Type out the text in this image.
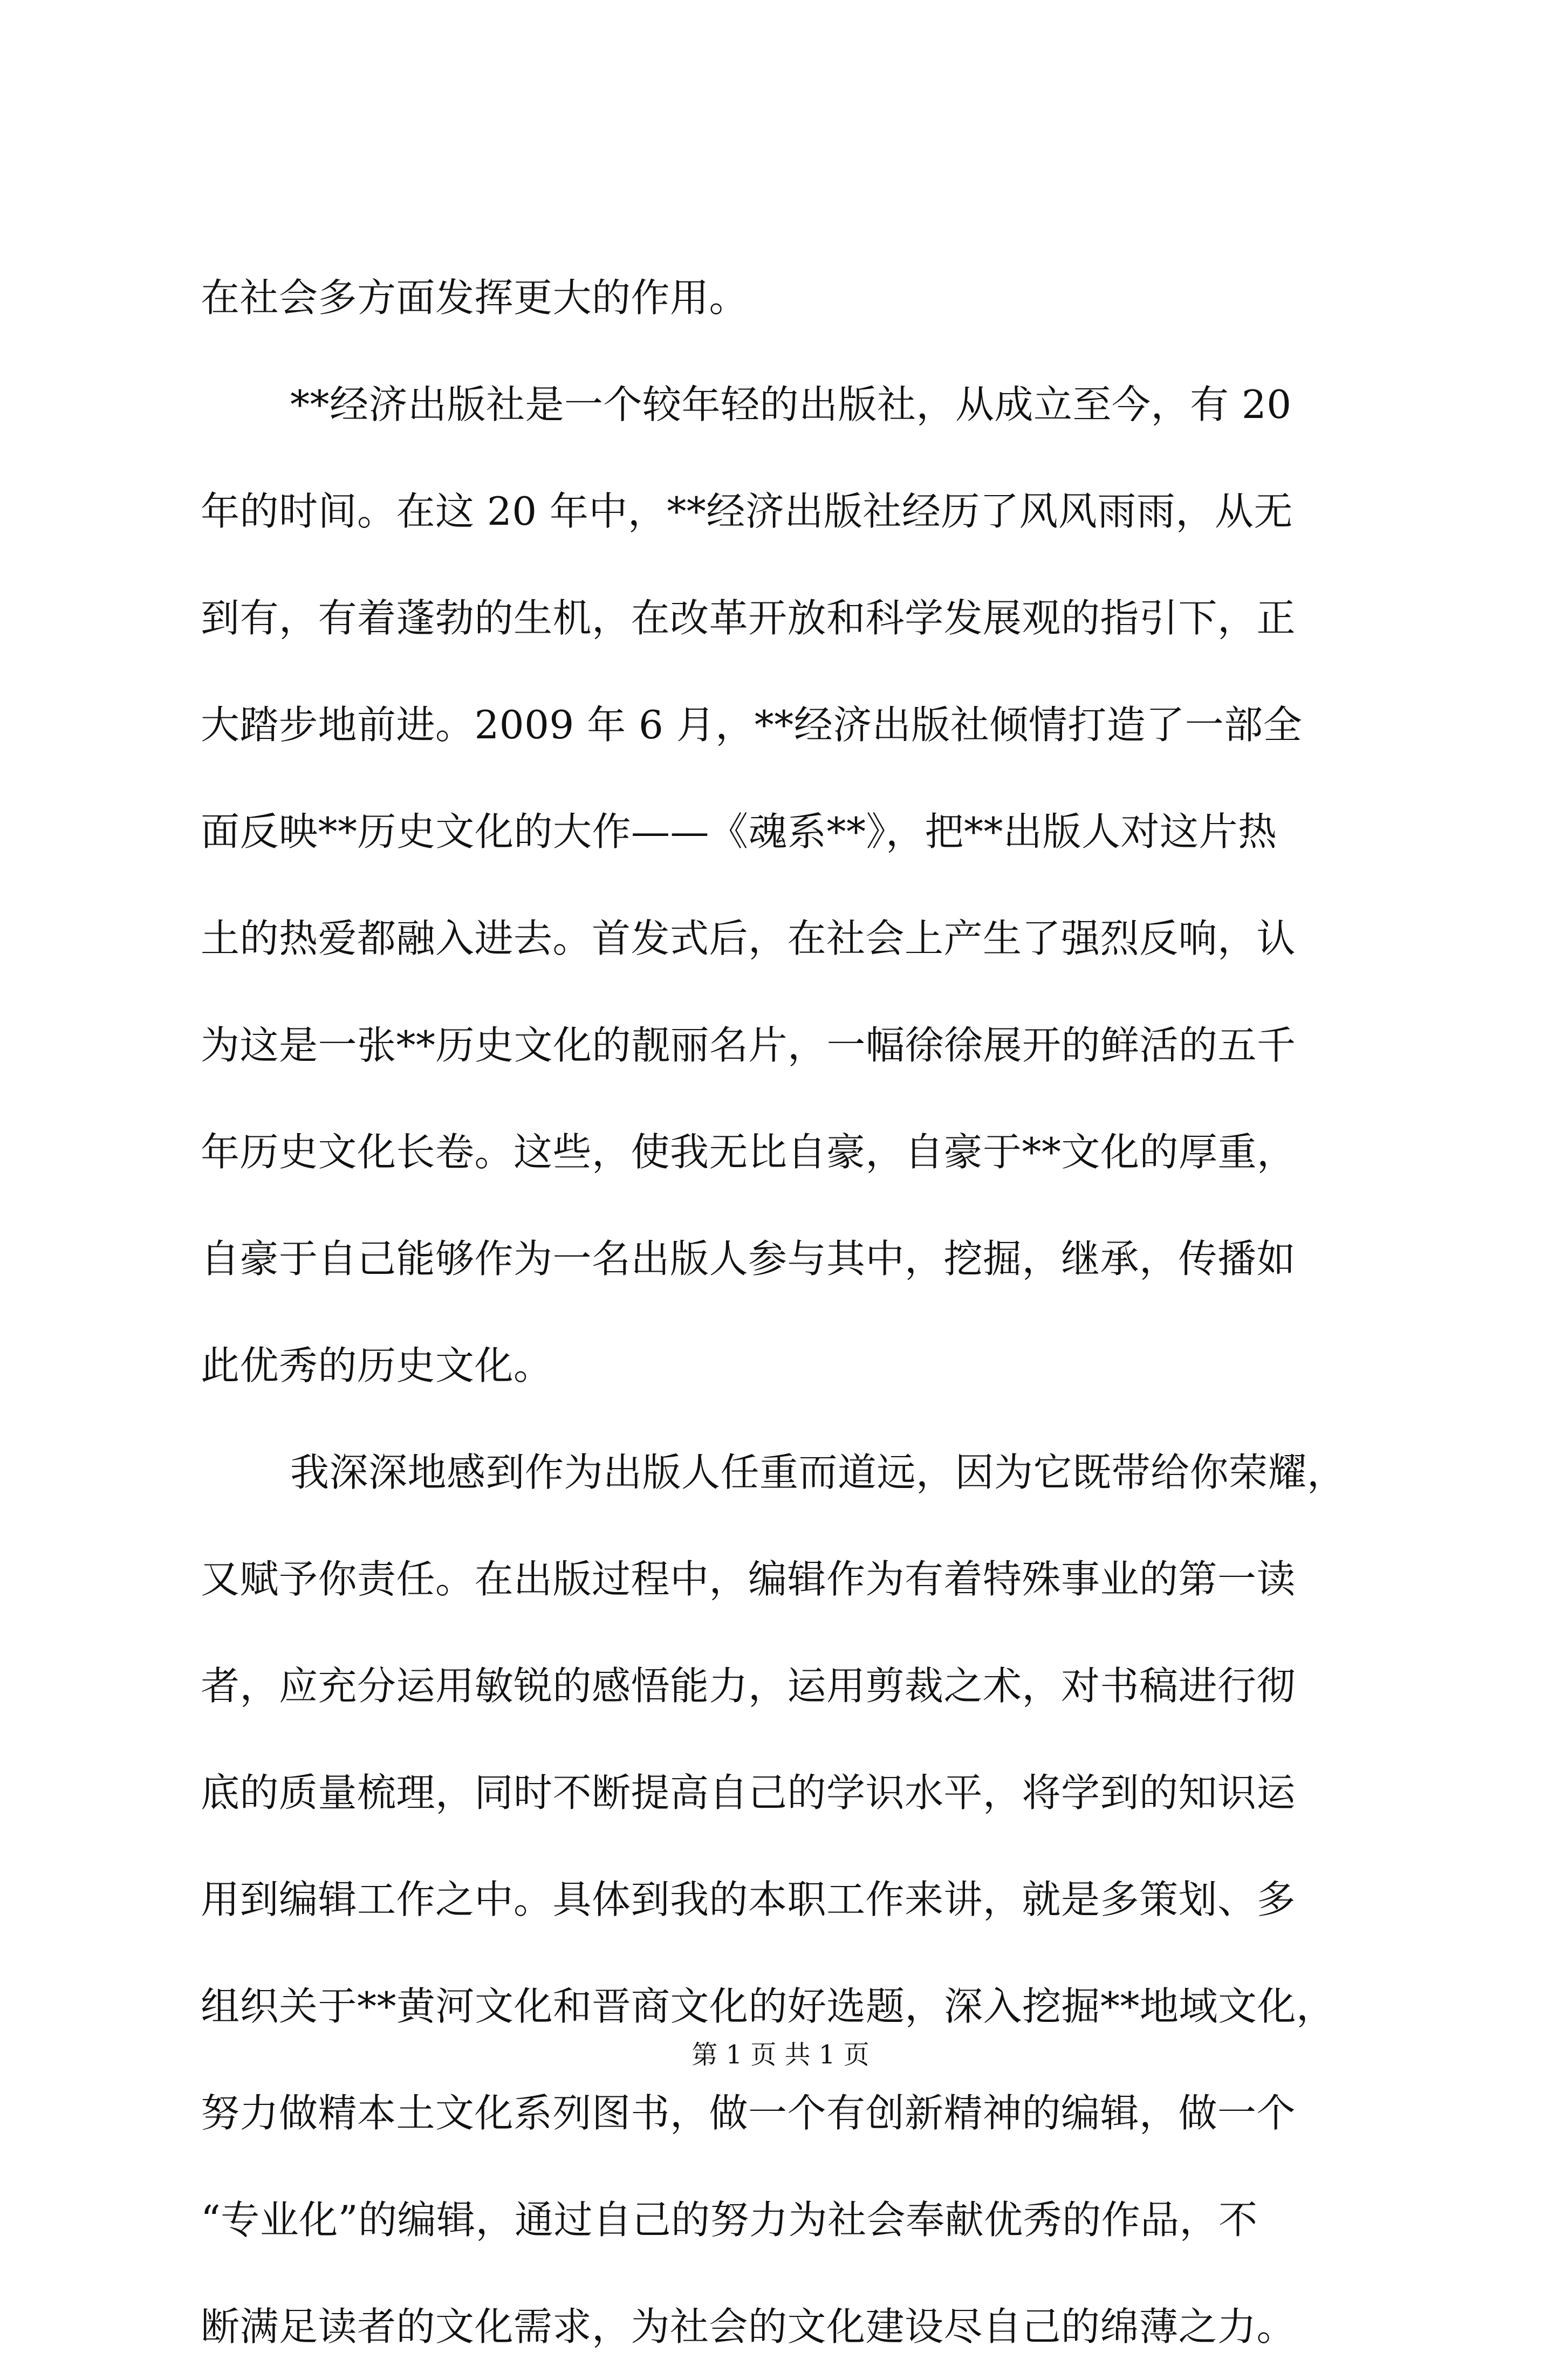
在社会多方面发挥更大的作用。
**经济出版社是一个较年轻的出版社，从成立至今，有 20
年的时间。在这 20 年中，**经济出版社经历了风风雨雨，从无
到有，有着蓬勃的生机，在改革开放和科学发展观的指引下，正
大踏步地前进。2009 年 6 月，**经济出版社倾情打造了一部全
面反映**历史文化的大作——《魂系**》，把**出版人对这片热
土的热爱都融入进去。首发式后，在社会上产生了强烈反响，认
为这是一张**历史文化的靓丽名片，一幅徐徐展开的鲜活的五千
年历史文化长卷。这些，使我无比自豪，自豪于**文化的厚重，
自豪于自己能够作为一名出版人参与其中，挖掘，继承，传播如
此优秀的历史文化。
我深深地感到作为出版人任重而道远，因为它既带给你荣耀，
又赋予你责任。在出版过程中，编辑作为有着特殊事业的第一读
者，应充分运用敏锐的感悟能力，运用剪裁之术，对书稿进行彻
底的质量梳理，同时不断提高自己的学识水平，将学到的知识运
用到编辑工作之中。具体到我的本职工作来讲，就是多策划、多
组织关于**黄河文化和晋商文化的好选题，深入挖掘**地域文化，
努力做精本土文化系列图书，做一个有创新精神的编辑，做一个
“专业化”的编辑，通过自己的努力为社会奉献优秀的作品，不
断满足读者的文化需求，为社会的文化建设尽自己的绵薄之力。
第 1 页 共 1 页
